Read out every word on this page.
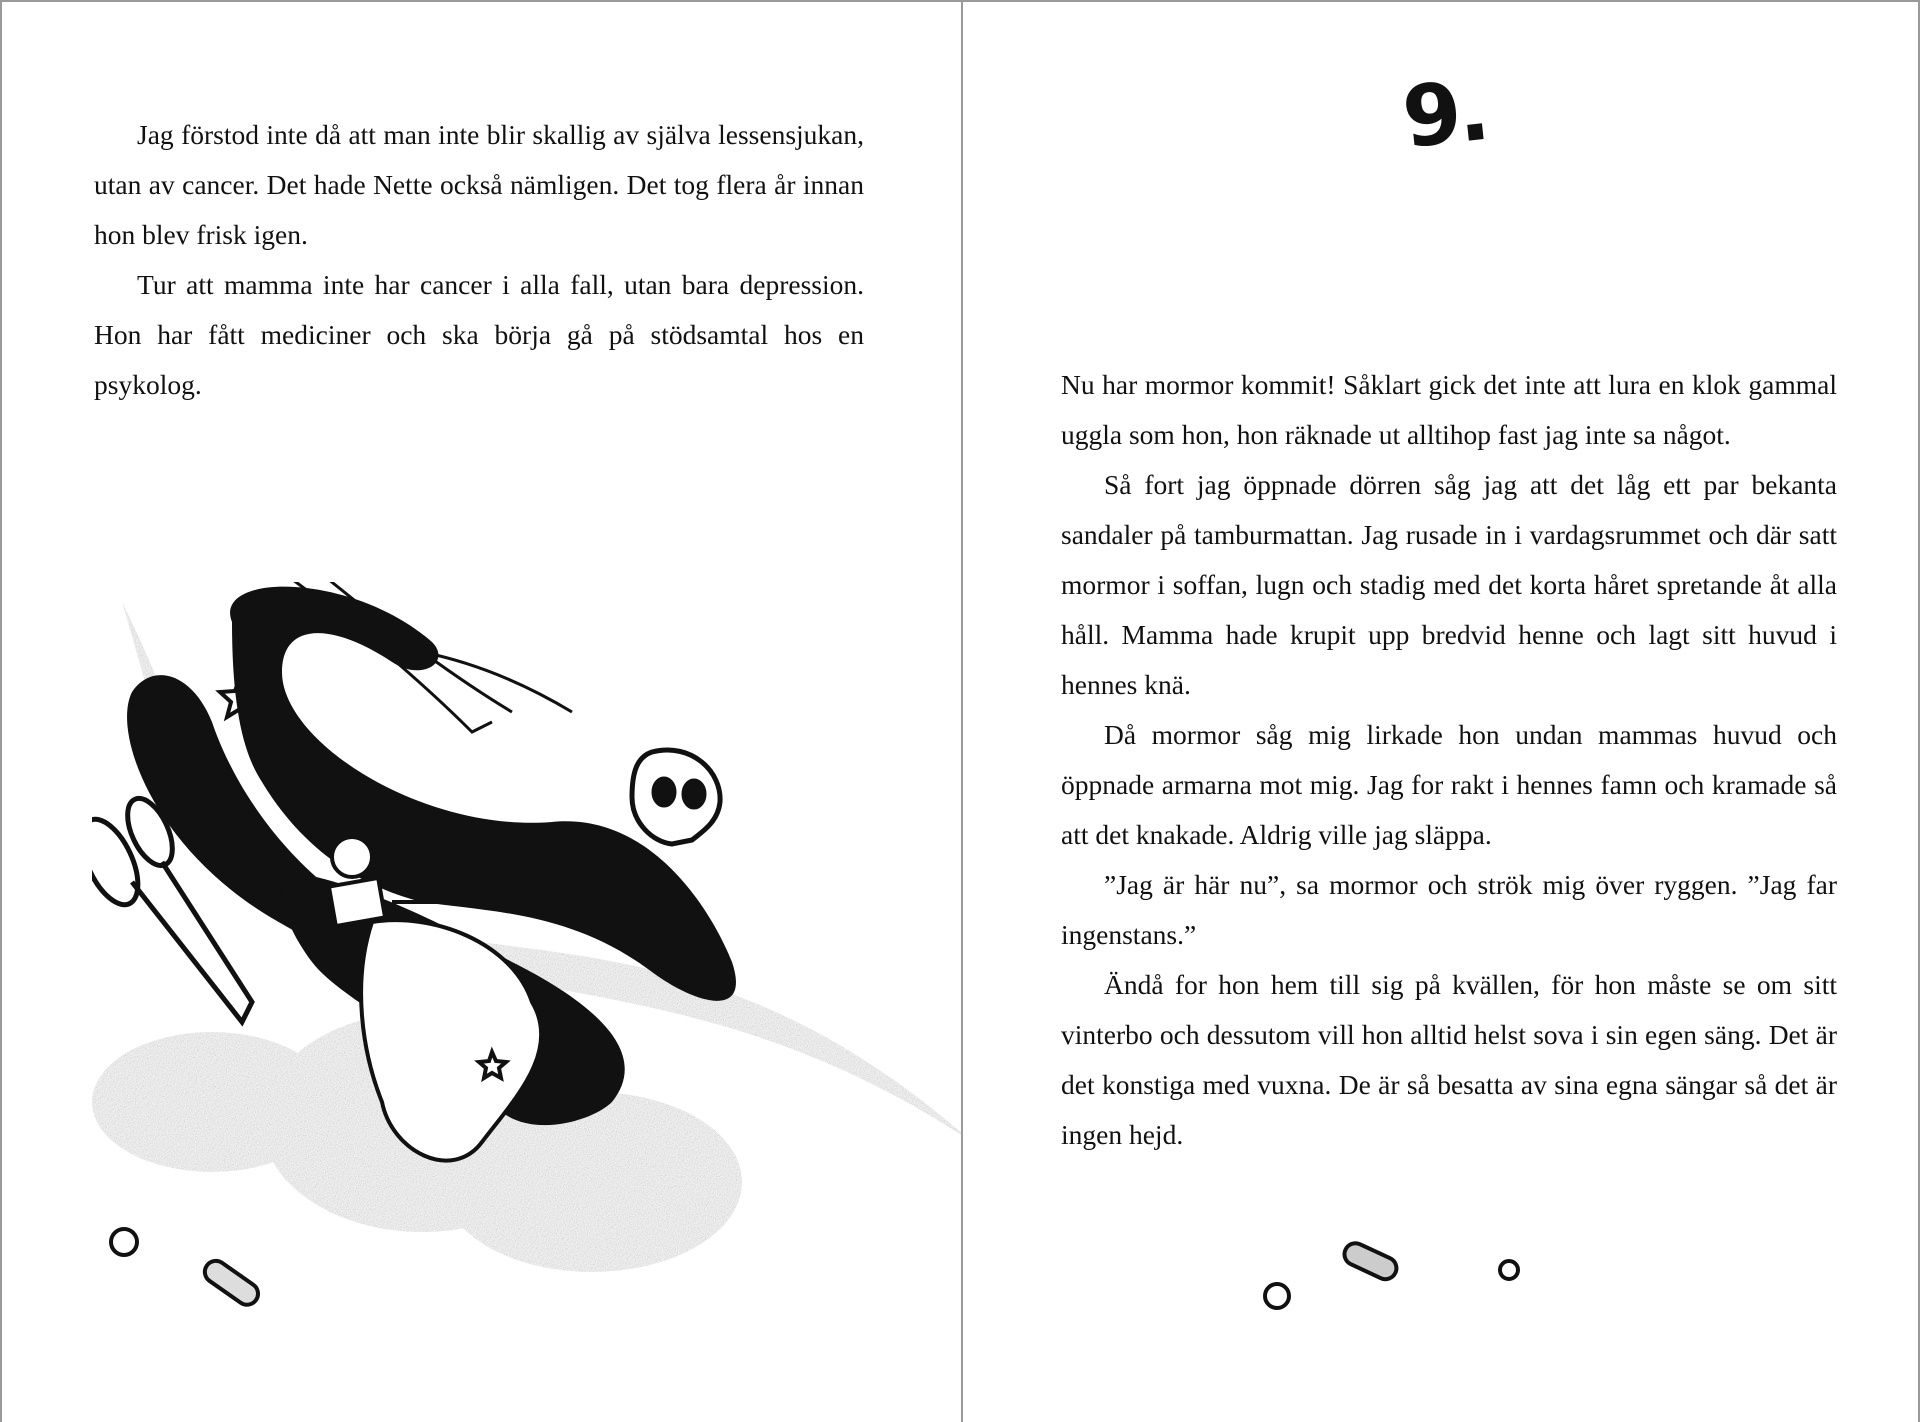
Jag förstod inte då att man inte blir skallig av själva lessensjukan, utan av cancer. Det hade Nette också nämligen. Det tog flera år innan hon blev frisk igen.

Tur att mamma inte har cancer i alla fall, utan bara depression. Hon har fått mediciner och ska börja gå på stödsamtal hos en psykolog.

9.

Nu har mormor kommit! Såklart gick det inte att lura en klok gammal uggla som hon, hon räknade ut alltihop fast jag inte sa något.

Så fort jag öppnade dörren såg jag att det låg ett par bekanta sandaler på tamburmattan. Jag rusade in i vardagsrummet och där satt mormor i soffan, lugn och stadig med det korta håret spretande åt alla håll. Mamma hade krupit upp bredvid henne och lagt sitt huvud i hennes knä.

Då mormor såg mig lirkade hon undan mammas huvud och öppnade armarna mot mig. Jag for rakt i hennes famn och kramade så att det knakade. Aldrig ville jag släppa.

”Jag är här nu”, sa mormor och strök mig över ryggen. ”Jag far ingenstans.”

Ändå for hon hem till sig på kvällen, för hon måste se om sitt vinterbo och dessutom vill hon alltid helst sova i sin egen säng. Det är det konstiga med vuxna. De är så besatta av sina egna sängar så det är ingen hejd.
